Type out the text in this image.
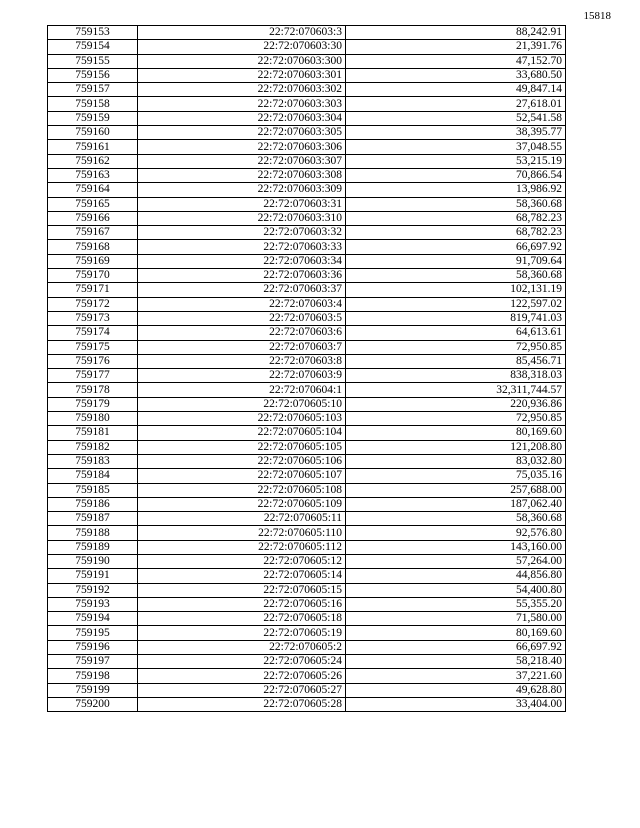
15818
759153	22:72:070603:3	88,242.91
759154	22:72:070603:30	21,391.76
759155	22:72:070603:300	47,152.70
759156	22:72:070603:301	33,680.50
759157	22:72:070603:302	49,847.14
759158	22:72:070603:303	27,618.01
759159	22:72:070603:304	52,541.58
759160	22:72:070603:305	38,395.77
759161	22:72:070603:306	37,048.55
759162	22:72:070603:307	53,215.19
759163	22:72:070603:308	70,866.54
759164	22:72:070603:309	13,986.92
759165	22:72:070603:31	58,360.68
759166	22:72:070603:310	68,782.23
759167	22:72:070603:32	68,782.23
759168	22:72:070603:33	66,697.92
759169	22:72:070603:34	91,709.64
759170	22:72:070603:36	58,360.68
759171	22:72:070603:37	102,131.19
759172	22:72:070603:4	122,597.02
759173	22:72:070603:5	819,741.03
759174	22:72:070603:6	64,613.61
759175	22:72:070603:7	72,950.85
759176	22:72:070603:8	85,456.71
759177	22:72:070603:9	838,318.03
759178	22:72:070604:1	32,311,744.57
759179	22:72:070605:10	220,936.86
759180	22:72:070605:103	72,950.85
759181	22:72:070605:104	80,169.60
759182	22:72:070605:105	121,208.80
759183	22:72:070605:106	83,032.80
759184	22:72:070605:107	75,035.16
759185	22:72:070605:108	257,688.00
759186	22:72:070605:109	187,062.40
759187	22:72:070605:11	58,360.68
759188	22:72:070605:110	92,576.80
759189	22:72:070605:112	143,160.00
759190	22:72:070605:12	57,264.00
759191	22:72:070605:14	44,856.80
759192	22:72:070605:15	54,400.80
759193	22:72:070605:16	55,355.20
759194	22:72:070605:18	71,580.00
759195	22:72:070605:19	80,169.60
759196	22:72:070605:2	66,697.92
759197	22:72:070605:24	58,218.40
759198	22:72:070605:26	37,221.60
759199	22:72:070605:27	49,628.80
759200	22:72:070605:28	33,404.00
